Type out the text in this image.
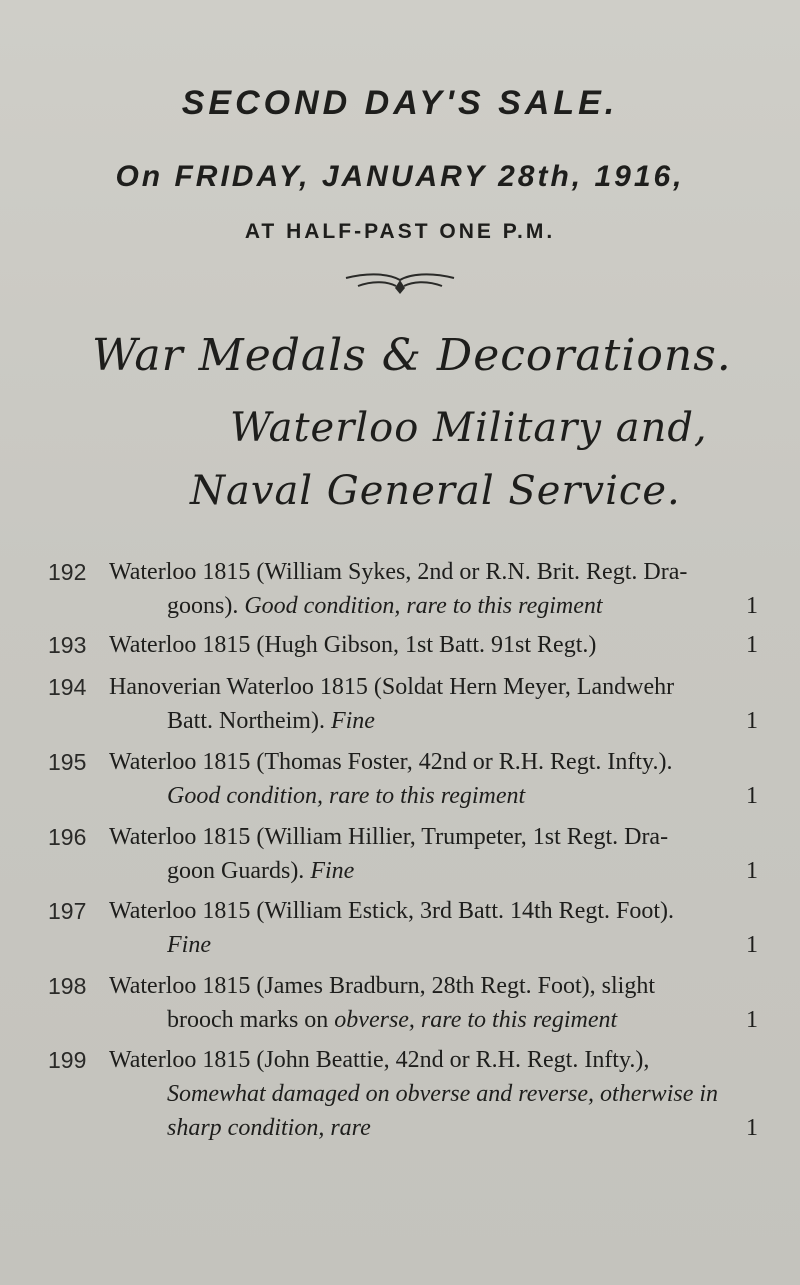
SECOND DAY'S SALE.
On FRIDAY, JANUARY 28th, 1916,
AT HALF-PAST ONE P.M.
War Medals & Decorations.
Waterloo Military and,
Naval General Service.
192 Waterloo 1815 (William Sykes, 2nd or R.N. Brit. Regt. Dra-
goons). Good condition, rare to this regiment	1
193 Waterloo 1815 (Hugh Gibson, 1st Batt. 91st Regt.)	1
194 Hanoverian Waterloo 1815 (Soldat Hern Meyer, Landwehr
Batt. Northeim). Fine	1
195 Waterloo 1815 (Thomas Foster, 42nd or R.H. Regt. Infty.).
Good condition, rare to this regiment	1
196 Waterloo 1815 (William Hillier, Trumpeter, 1st Regt. Dra-
goon Guards). Fine	1
197 Waterloo 1815 (William Estick, 3rd Batt. 14th Regt. Foot).
Fine	1
198 Waterloo 1815 (James Bradburn, 28th Regt. Foot), slight
brooch marks on obverse, rare to this regiment	1
199 Waterloo 1815 (John Beattie, 42nd or R.H. Regt. Infty.),
Somewhat damaged on obverse and reverse, otherwise in
sharp condition, rare	1
